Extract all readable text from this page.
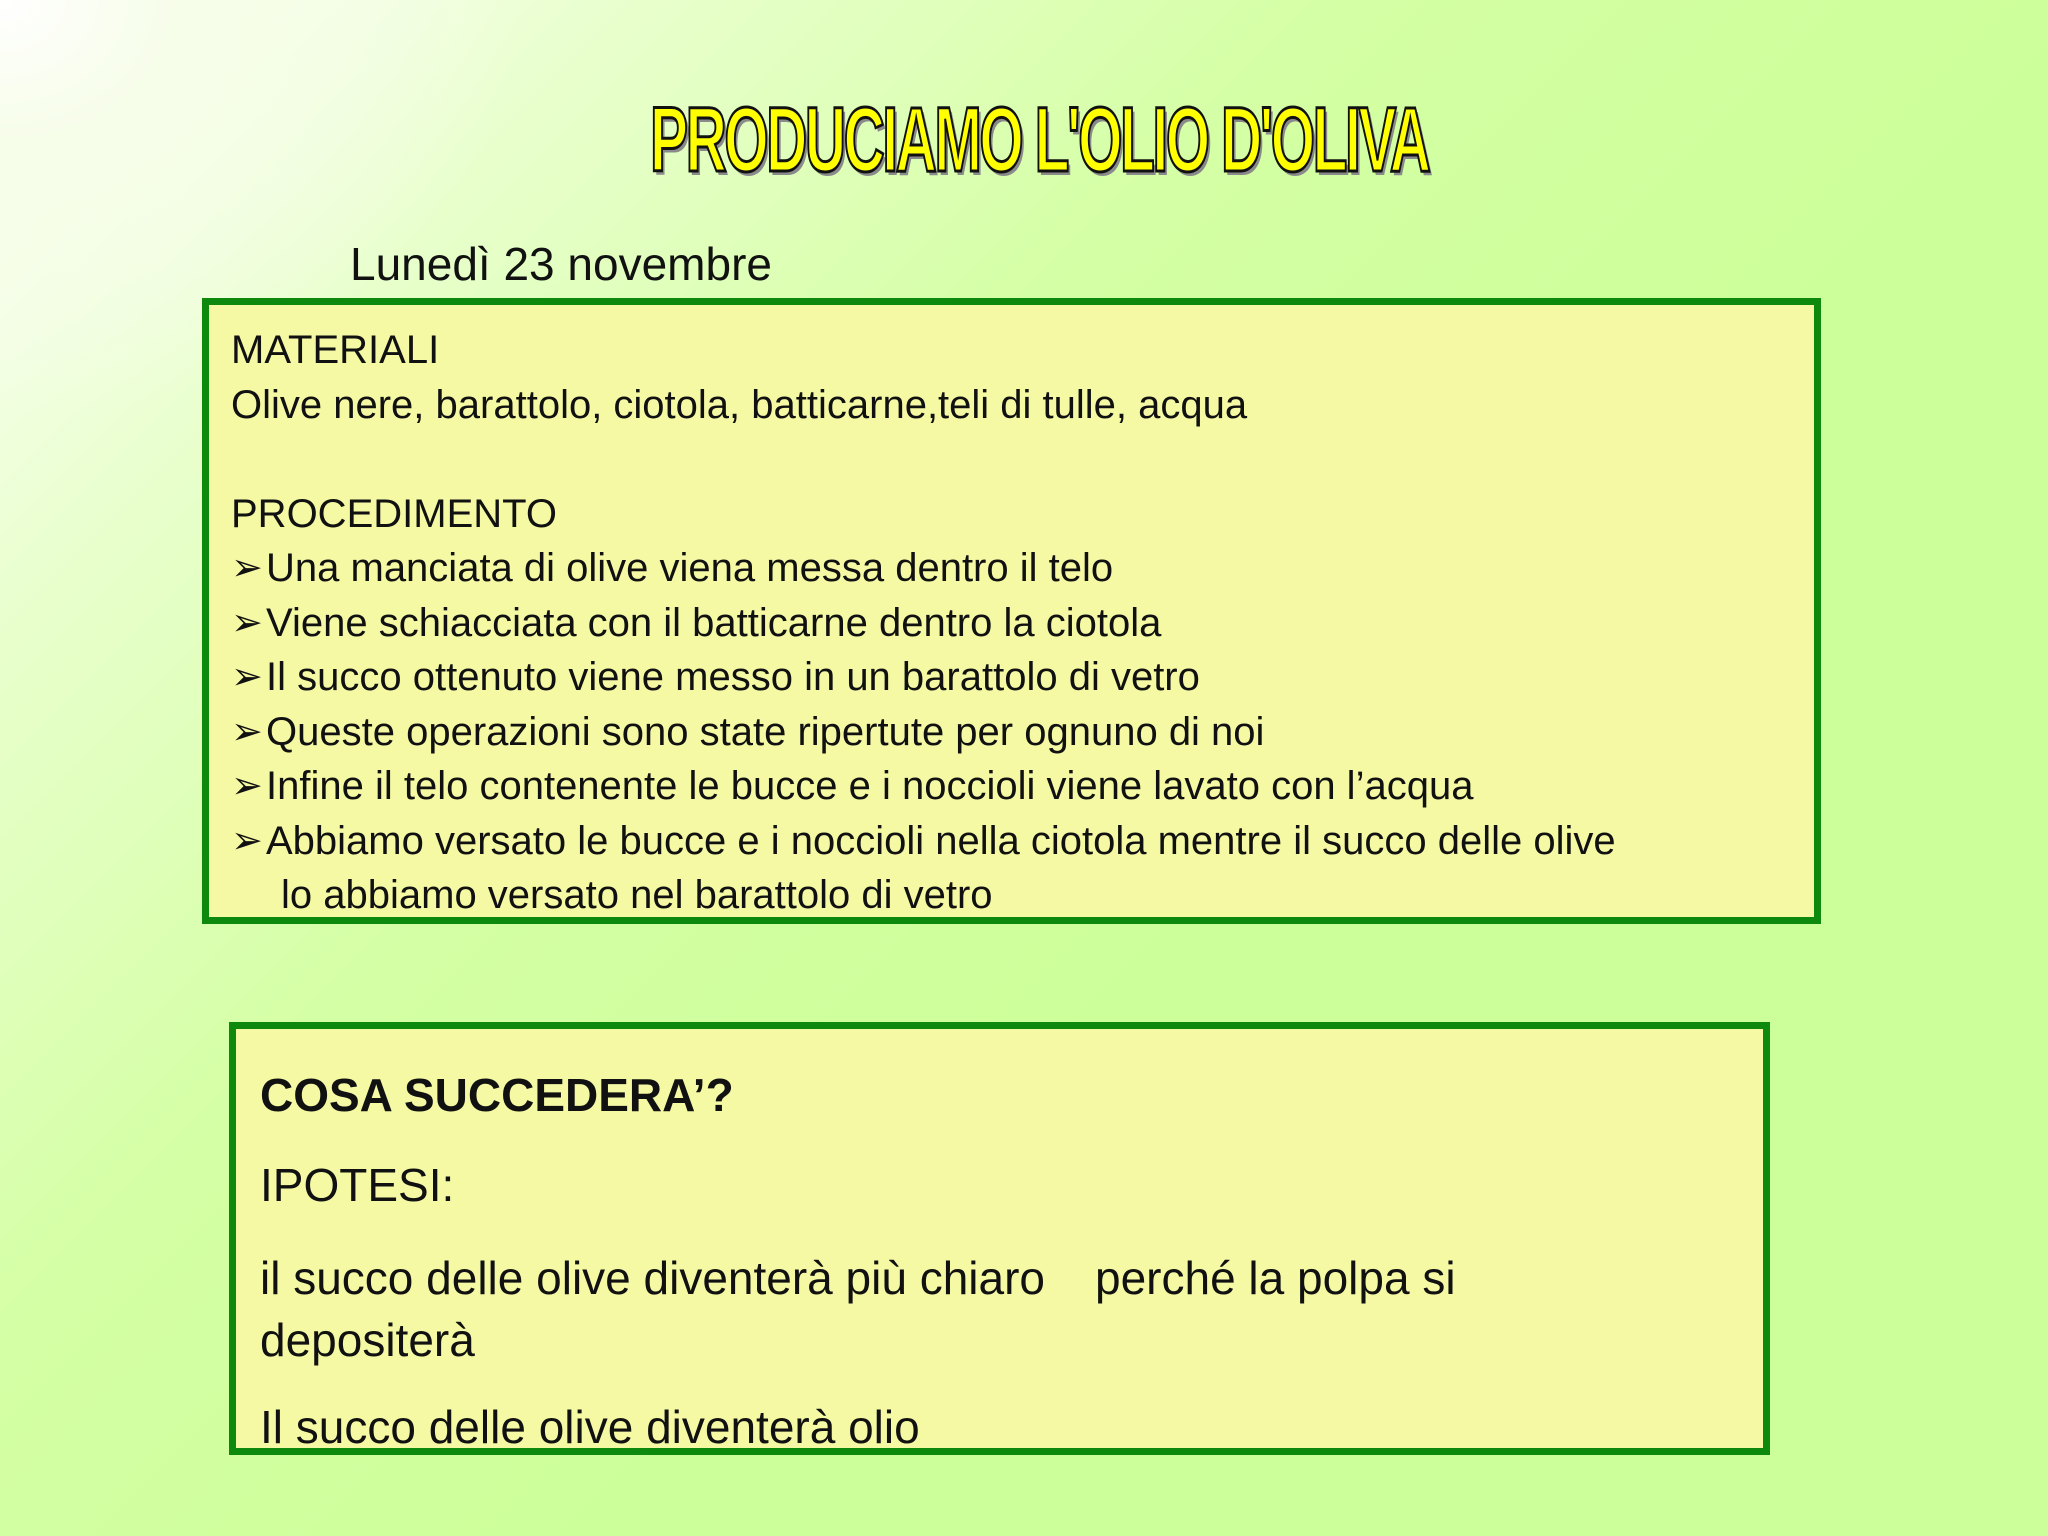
PRODUCIAMO L'OLIO D'OLIVA
Lunedì 23 novembre
MATERIALI
Olive nere, barattolo, ciotola, batticarne,teli di tulle, acqua
PROCEDIMENTO
➢ Una manciata di olive viena messa dentro il telo
➢ Viene schiacciata con il batticarne dentro la ciotola
➢ Il succo ottenuto viene messo in un barattolo di vetro
➢ Queste operazioni sono state ripertute per ognuno di noi
➢ Infine il telo contenente le bucce e i noccioli viene lavato con l’acqua
➢ Abbiamo versato le bucce e i noccioli nella ciotola mentre il succo delle olive
lo abbiamo versato nel barattolo di vetro
COSA SUCCEDERA’?
IPOTESI:
il succo delle olive diventerà più chiaro perché la polpa si depositerà
Il succo delle olive diventerà olio
